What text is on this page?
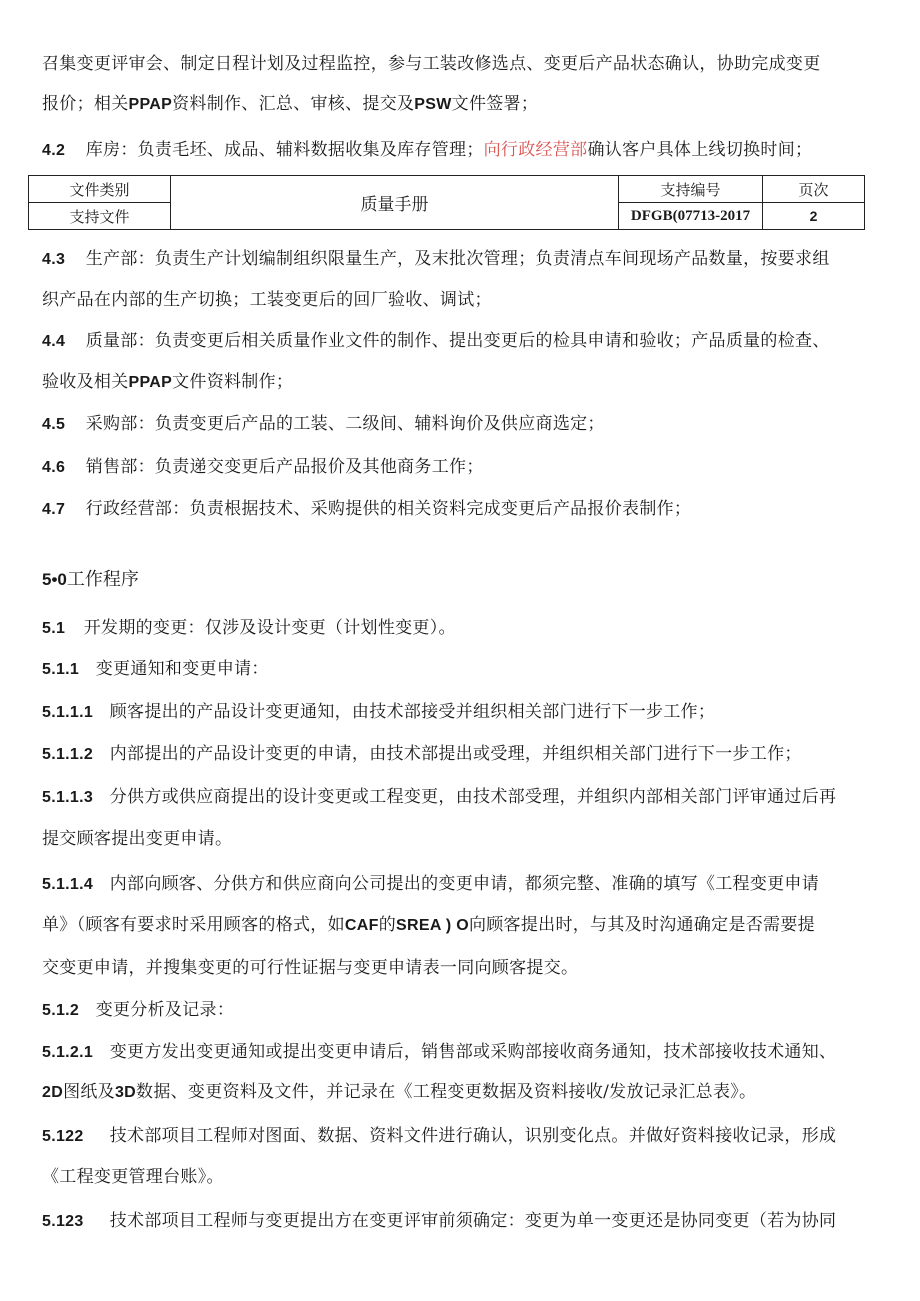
召集变更评审会、制定日程计划及过程监控，参与工装改修选点、变更后产品状态确认，协助完成变更
报价；相关PPAP资料制作、汇总、审核、提交及PSW文件签署；
4.2 库房：负责毛坯、成品、辅料数据收集及库存管理；向行政经营部确认客户具体上线切换时间；
文件类别	质量手册	支持编号	页次
支持文件		DFGB(07713-2017	2
4.3 生产部：负责生产计划编制组织限量生产，及末批次管理；负责清点车间现场产品数量，按要求组
织产品在内部的生产切换；工装变更后的回厂验收、调试；
4.4 质量部：负责变更后相关质量作业文件的制作、提出变更后的检具申请和验收；产品质量的检查、
验收及相关PPAP文件资料制作；
4.5 采购部：负责变更后产品的工装、二级间、辅料询价及供应商选定；
4.6 销售部：负责递交变更后产品报价及其他商务工作；
4.7 行政经营部：负责根据技术、采购提供的相关资料完成变更后产品报价表制作；
5•0工作程序
5.1 开发期的变更：仅涉及设计变更（计划性变更）。
5.1.1 变更通知和变更申请：
5.1.1.1 顾客提出的产品设计变更通知，由技术部接受并组织相关部门进行下一步工作；
5.1.1.2 内部提出的产品设计变更的申请，由技术部提出或受理，并组织相关部门进行下一步工作；
5.1.1.3 分供方或供应商提出的设计变更或工程变更，由技术部受理，并组织内部相关部门评审通过后再
提交顾客提出变更申请。
5.1.1.4 内部向顾客、分供方和供应商向公司提出的变更申请，都须完整、准确的填写《工程变更申请
单》（顾客有要求时采用顾客的格式，如CAF的SREA ) O向顾客提出时，与其及时沟通确定是否需要提
交变更申请，并搜集变更的可行性证据与变更申请表一同向顾客提交。
5.1.2 变更分析及记录：
5.1.2.1 变更方发出变更通知或提出变更申请后，销售部或采购部接收商务通知，技术部接收技术通知、
2D图纸及3D数据、变更资料及文件，并记录在《工程变更数据及资料接收/发放记录汇总表》。
5.122 技术部项目工程师对图面、数据、资料文件进行确认，识别变化点。并做好资料接收记录，形成
《工程变更管理台账》。
5.123 技术部项目工程师与变更提出方在变更评审前须确定：变更为单一变更还是协同变更（若为协同
